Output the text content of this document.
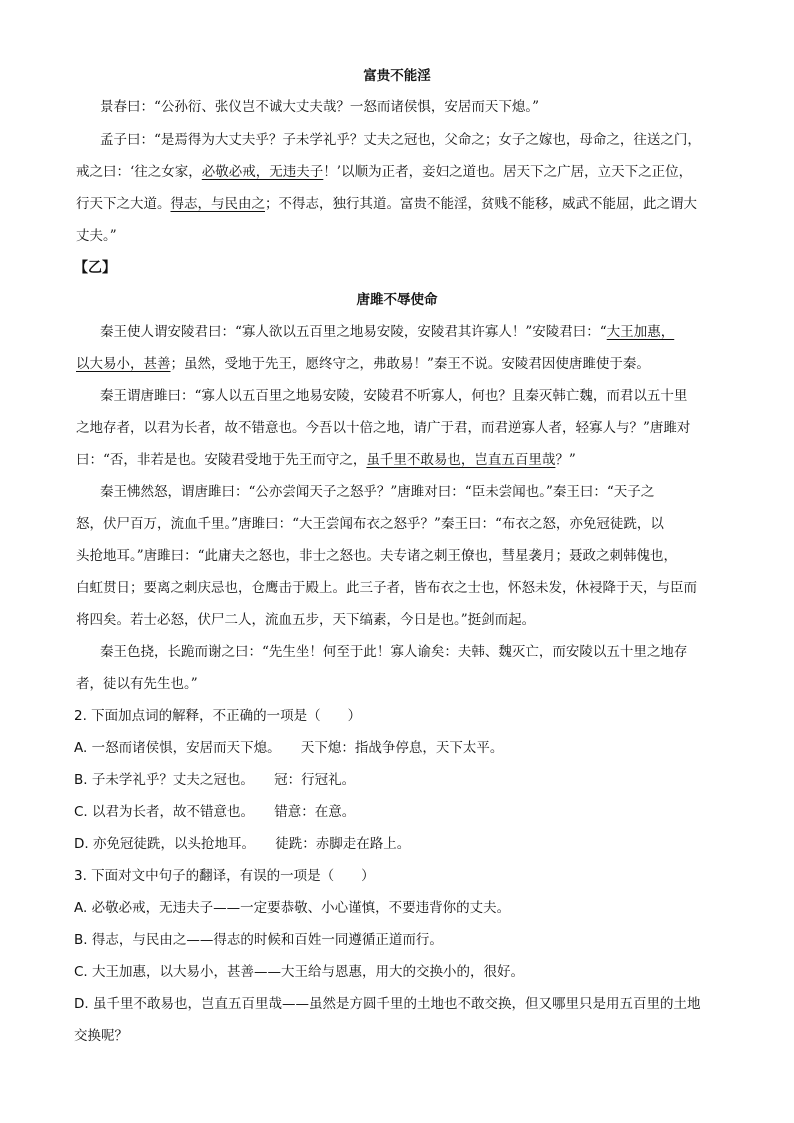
富贵不能淫
景春曰：“公孙衍、张仪岂不诚大丈夫哉？一怒而诸侯惧，安居而天下熄。”
孟子曰：“是焉得为大丈夫乎？子未学礼乎？丈夫之冠也，父命之；女子之嫁也，母命之，往送之门，
戒之曰：‘往之女家，必敬必戒，无违夫子！’以顺为正者，妾妇之道也。居天下之广居，立天下之正位，
行天下之大道。得志，与民由之；不得志，独行其道。富贵不能淫，贫贱不能移，威武不能屈，此之谓大
丈夫。”
【乙】
唐雎不辱使命
秦王使人谓安陵君曰：“寡人欲以五百里之地易安陵，安陵君其许寡人！”安陵君曰：“大王加惠，
以大易小，甚善；虽然，受地于先王，愿终守之，弗敢易！”秦王不说。安陵君因使唐雎使于秦。
秦王谓唐雎曰：“寡人以五百里之地易安陵，安陵君不听寡人，何也？且秦灭韩亡魏，而君以五十里
之地存者，以君为长者，故不错意也。今吾以十倍之地，请广于君，而君逆寡人者，轻寡人与？”唐雎对
曰：“否，非若是也。安陵君受地于先王而守之，虽千里不敢易也，岂直五百里哉？”
秦王怫然怒，谓唐雎曰：“公亦尝闻天子之怒乎？”唐雎对曰：“臣未尝闻也。”秦王曰：“天子之
怒，伏尸百万，流血千里。”唐雎曰：“大王尝闻布衣之怒乎？”秦王曰：“布衣之怒，亦免冠徒跣，以
头抢地耳。”唐雎曰：“此庸夫之怒也，非士之怒也。夫专诸之刺王僚也，彗星袭月；聂政之刺韩傀也，
白虹贯日；要离之刺庆忌也，仓鹰击于殿上。此三子者，皆布衣之士也，怀怒未发，休祲降于天，与臣而
将四矣。若士必怒，伏尸二人，流血五步，天下缟素，今日是也。”挺剑而起。
秦王色挠，长跪而谢之曰：“先生坐！何至于此！寡人谕矣：夫韩、魏灭亡，而安陵以五十里之地存
者，徒以有先生也。”
2. 下面加点词的解释，不正确的一项是（　　）
A. 一怒而诸侯惧，安居而天下熄。　　天下熄：指战争停息，天下太平。
B. 子未学礼乎？丈夫之冠也。　　冠：行冠礼。
C. 以君为长者，故不错意也。　　错意：在意。
D. 亦免冠徒跣，以头抢地耳。　　徒跣：赤脚走在路上。
3. 下面对文中句子的翻译，有误的一项是（　　）
A. 必敬必戒，无违夫子——一定要恭敬、小心谨慎，不要违背你的丈夫。
B. 得志，与民由之——得志的时候和百姓一同遵循正道而行。
C. 大王加惠，以大易小，甚善——大王给与恩惠，用大的交换小的，很好。
D. 虽千里不敢易也，岂直五百里哉——虽然是方圆千里的土地也不敢交换，但又哪里只是用五百里的土地
交换呢？
